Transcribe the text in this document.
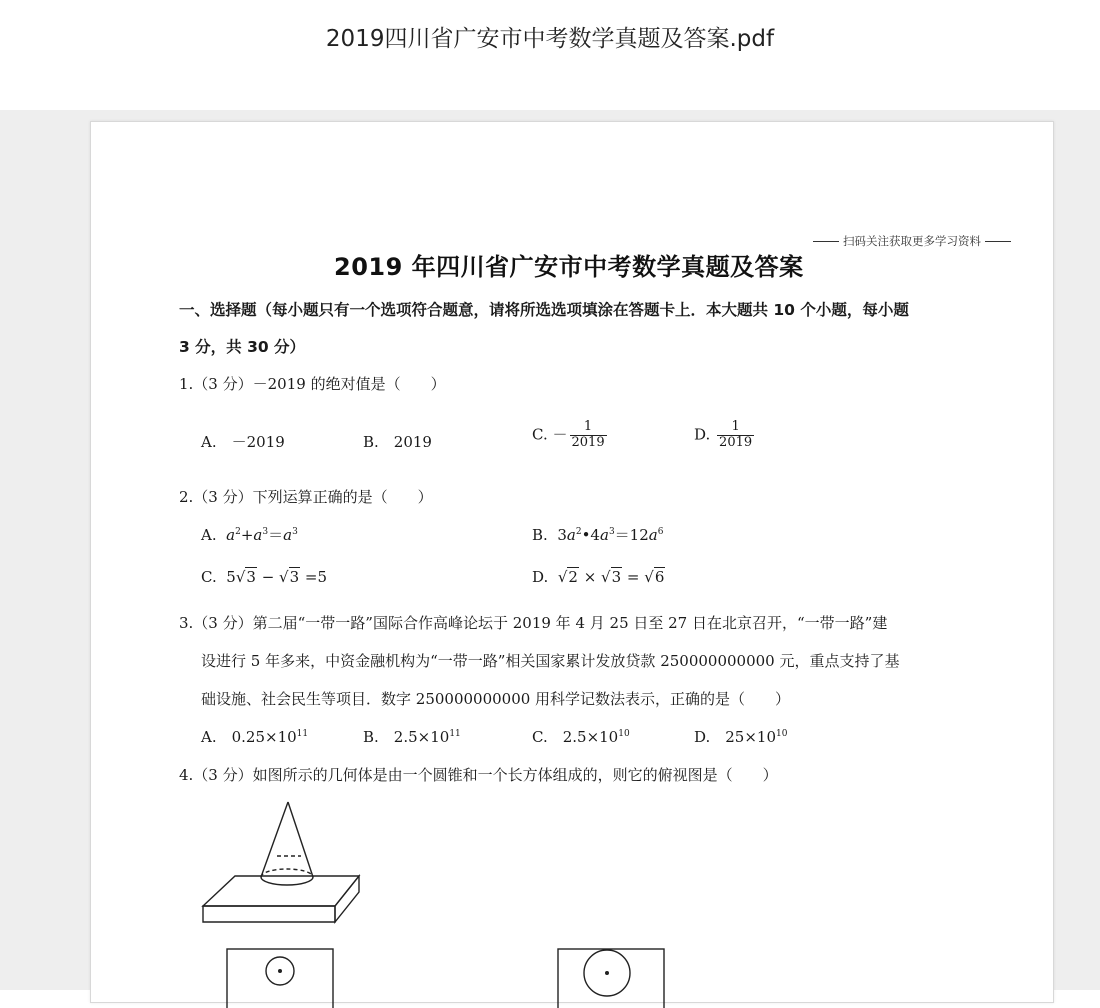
2019四川省广安市中考数学真题及答案.pdf
扫码关注获取更多学习资料
2019 年四川省广安市中考数学真题及答案
一、选择题（每小题只有一个选项符合题意，请将所选选项填涂在答题卡上．本大题共 10 个小题，每小题
3 分，共 30 分）
1.（3 分）－2019 的绝对值是（　　）
A.　－2019	B.　2019	C. － $\frac{1}{2019}$	D. $\frac{1}{2019}$
2.（3 分）下列运算正确的是（　　）
A. $a^2+a^3=a^3$	B. $3a^2•4a^3=12a^6$
C. 5√3 − √3 =5	D. √2 × √3 = √6
3.（3 分）第二届“一带一路”国际合作高峰论坛于 2019 年 4 月 25 日至 27 日在北京召开，“一带一路”建
设进行 5 年多来，中资金融机构为“一带一路”相关国家累计发放贷款 250000000000 元，重点支持了基
础设施、社会民生等项目．数字 250000000000 用科学记数法表示，正确的是（　　）
A.　$0.25\times 10^{11}$	B.　$2.5\times 10^{11}$	C.　$2.5\times 10^{10}$	D.　$25\times 10^{10}$
4.（3 分）如图所示的几何体是由一个圆锥和一个长方体组成的，则它的俯视图是（　　）
